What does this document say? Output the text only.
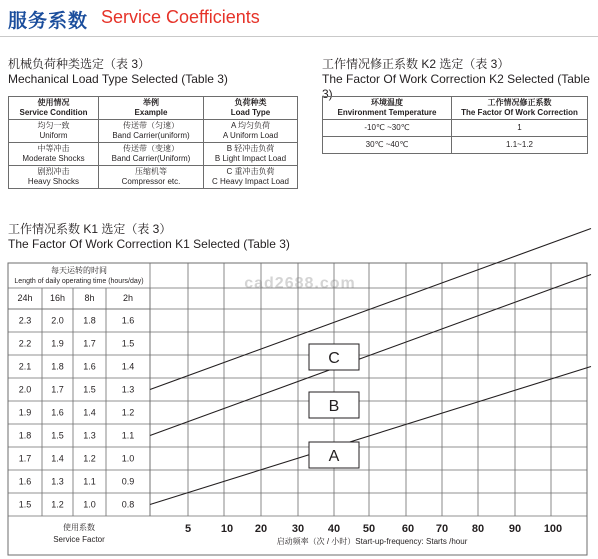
服务系数 Service Coefficients
机械负荷种类选定（表 3）
Mechanical Load Type Selected (Table 3)
使用情况
Service Condition	举例
Example	负荷种类
Load Type
均匀一致
Uniform	传送带（匀速）
Band Carrier(uniform)	A 均匀负荷
A Uniform Load
中等冲击
Moderate Shocks	传送带（变速）
Band Carrier(Uniform)	B 轻冲击负荷
B Light Impact Load
剧烈冲击
Heavy Shocks	压缩机等
Compressor etc.	C 重冲击负荷
C Heavy Impact Load
工作情况修正系数 K2 选定（表 3）
The Factor Of Work Correction K2 Selected (Table 3)
环境温度
Environment Temperature	工作情况修正系数
The Factor Of Work Correction
-10℃ ~30℃	1
30℃ ~40℃	1.1~1.2
工作情况系数 K1 选定（表 3）
The Factor Of Work Correction K1 Selected (Table 3)
cad2688.com
每天运转的时间
Length of daily operating time (hours/day)
24h 16h 8h	2h
2.3 2.0 1.8	1.6
2.2 1.9 1.7	1.5
2.1 1.8 1.6	1.4
2.0 1.7 1.5	1.3
1.9 1.6 1.4	1.2
1.8 1.5 1.3	1.1
1.7 1.4 1.2	1.0
1.6 1.3 1.1	0.9
1.5 1.2 1.0	0.8
使用系数
Service Factor
5	10 20 30 40 50 60 70 80 90 100
启动频率（次 / 小时）Start-up-frequency: Starts /hour
A
B
C
